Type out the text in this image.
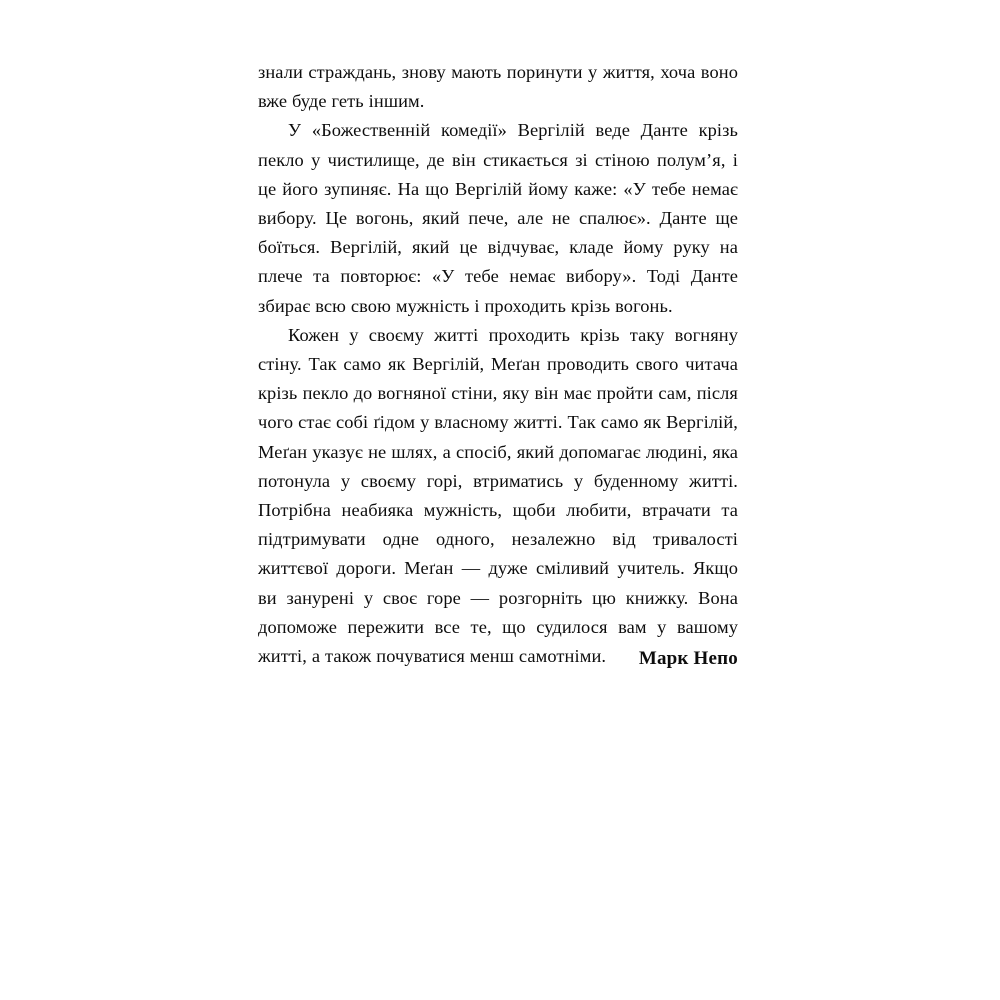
знали страждань, знову мають поринути у життя, хоча воно вже буде геть іншим.

У «Божественній комедії» Вергілій веде Данте крізь пекло у чистилище, де він стикається зі стіною полум’я, і це його зупиняє. На що Вергілій йому каже: «У тебе немає вибору. Це вогонь, який пече, але не спалює». Данте ще боїться. Вергілій, який це відчуває, кладе йому руку на плече та повторює: «У тебе немає вибору». Тоді Данте збирає всю свою мужність і проходить крізь вогонь.

Кожен у своєму житті проходить крізь таку вогняну стіну. Так само як Вергілій, Меґан проводить свого читача крізь пекло до вогняної стіни, яку він має пройти сам, після чого стає собі ґідом у власному житті. Так само як Вергілій, Меґан указує не шлях, а спосіб, який допомагає людині, яка потонула у своєму горі, втриматись у буденному житті. Потрібна неабияка мужність, щоби любити, втрачати та підтримувати одне одного, незалежно від тривалості життєвої дороги. Меґан — дуже сміливий учитель. Якщо ви занурені у своє горе — розгорніть цю книжку. Вона допоможе пережити все те, що судилося вам у вашому житті, а також почуватися менш самотніми.	Марк Непо
